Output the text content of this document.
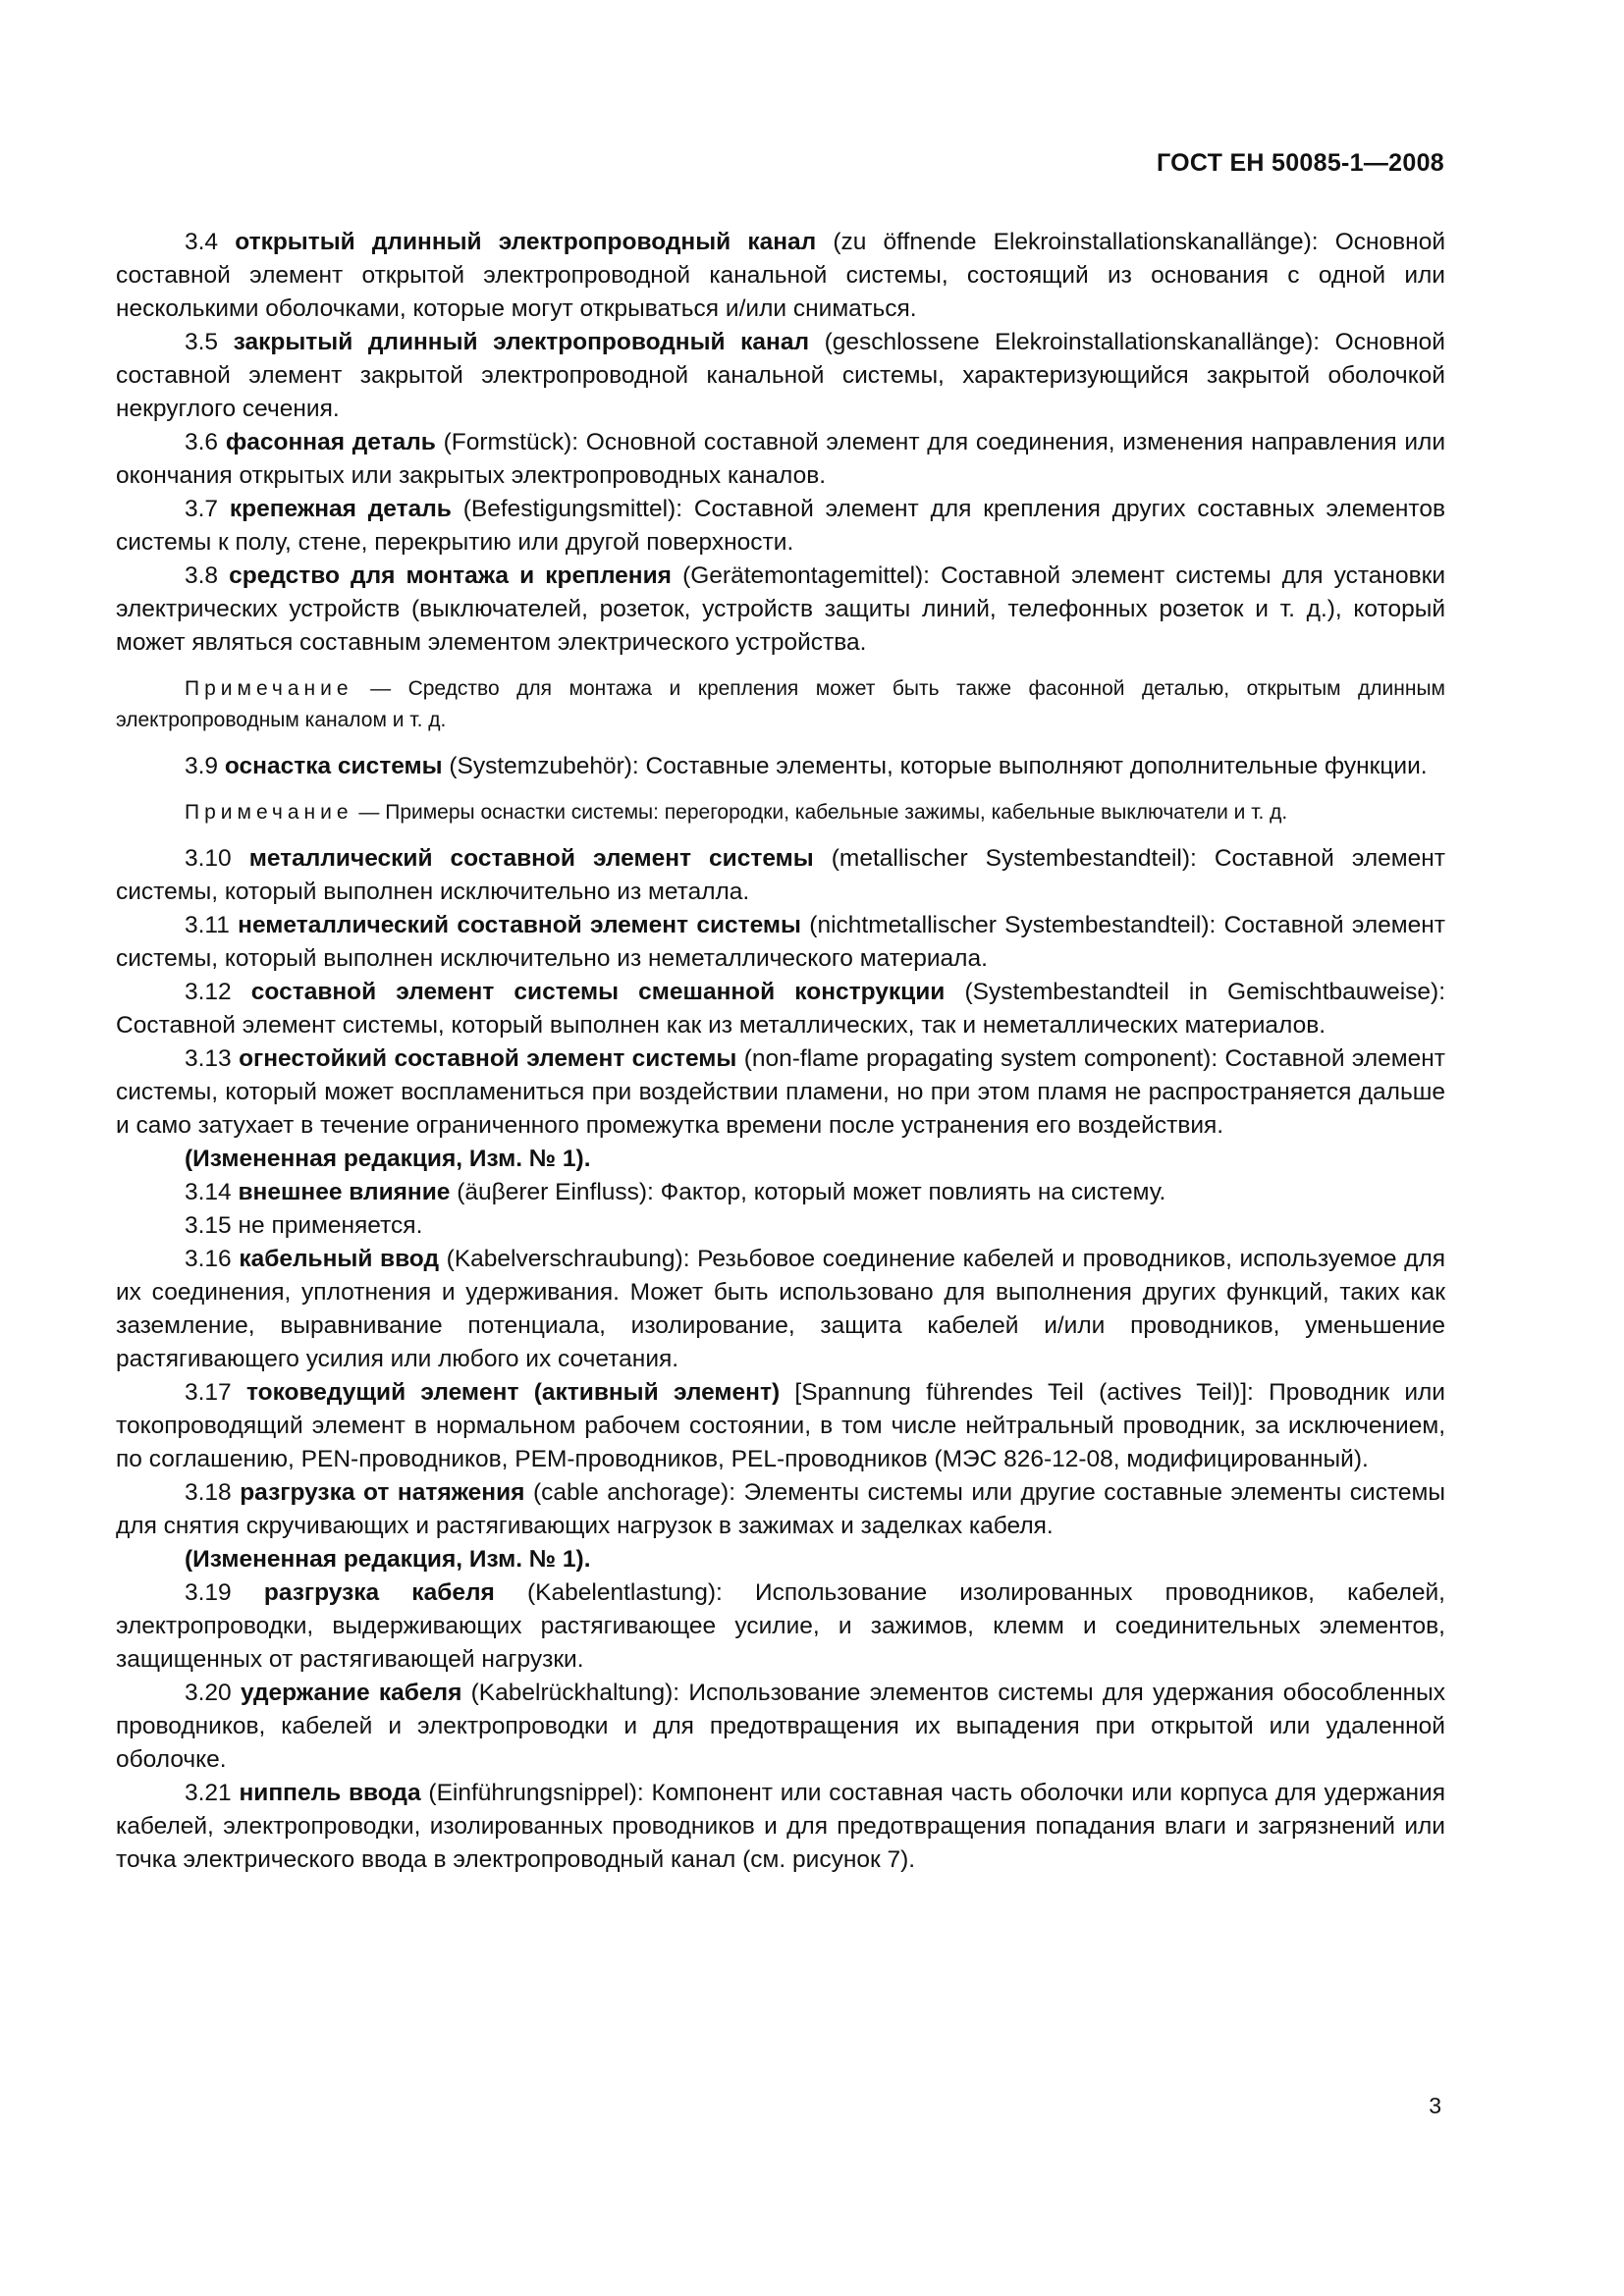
ГОСТ ЕН 50085-1—2008

3.4 открытый длинный электропроводный канал (zu öffnende Elekroinstallationskanallänge): Основной составной элемент открытой электропроводной канальной системы, состоящий из основания с одной или несколькими оболочками, которые могут открываться и/или сниматься.

3.5 закрытый длинный электропроводный канал (geschlossene Elekroinstallationskanallänge): Основной составной элемент закрытой электропроводной канальной системы, характеризующийся закрытой оболочкой некруглого сечения.

3.6 фасонная деталь (Formstück): Основной составной элемент для соединения, изменения направления или окончания открытых или закрытых электропроводных каналов.

3.7 крепежная деталь (Befestigungsmittel): Составной элемент для крепления других составных элементов системы к полу, стене, перекрытию или другой поверхности.

3.8 средство для монтажа и крепления (Gerätemontagemittel): Составной элемент системы для установки электрических устройств (выключателей, розеток, устройств защиты линий, телефонных розеток и т. д.), который может являться составным элементом электрического устройства.

Примечание — Средство для монтажа и крепления может быть также фасонной деталью, открытым длинным электропроводным каналом и т. д.

3.9 оснастка системы (Systemzubehör): Составные элементы, которые выполняют дополнительные функции.

Примечание — Примеры оснастки системы: перегородки, кабельные зажимы, кабельные выключатели и т. д.

3.10 металлический составной элемент системы (metallischer Systembestandteil): Составной элемент системы, который выполнен исключительно из металла.

3.11 неметаллический составной элемент системы (nichtmetallischer Systembestandteil): Составной элемент системы, который выполнен исключительно из неметаллического материала.

3.12 составной элемент системы смешанной конструкции (Systembestandteil in Gemischtbauweise): Составной элемент системы, который выполнен как из металлических, так и неметаллических материалов.

3.13 огнестойкий составной элемент системы (non-flame propagating system component): Составной элемент системы, который может воспламениться при воздействии пламени, но при этом пламя не распространяется дальше и само затухает в течение ограниченного промежутка времени после устранения его воздействия.

(Измененная редакция, Изм. № 1).

3.14 внешнее влияние (äuβerer Einfluss): Фактор, который может повлиять на систему.

3.15 не применяется.

3.16 кабельный ввод (Kabelverschraubung): Резьбовое соединение кабелей и проводников, используемое для их соединения, уплотнения и удерживания. Может быть использовано для выполнения других функций, таких как заземление, выравнивание потенциала, изолирование, защита кабелей и/или проводников, уменьшение растягивающего усилия или любого их сочетания.

3.17 токоведущий элемент (активный элемент) [Spannung führendes Teil (actives Teil)]: Проводник или токопроводящий элемент в нормальном рабочем состоянии, в том числе нейтральный проводник, за исключением, по соглашению, PEN-проводников, PEM-проводников, PEL-проводников (МЭС 826-12-08, модифицированный).

3.18 разгрузка от натяжения (cable anchorage): Элементы системы или другие составные элементы системы для снятия скручивающих и растягивающих нагрузок в зажимах и заделках кабеля.

(Измененная редакция, Изм. № 1).

3.19 разгрузка кабеля (Kabelentlastung): Использование изолированных проводников, кабелей, электропроводки, выдерживающих растягивающее усилие, и зажимов, клемм и соединительных элементов, защищенных от растягивающей нагрузки.

3.20 удержание кабеля (Kabelrückhaltung): Использование элементов системы для удержания обособленных проводников, кабелей и электропроводки и для предотвращения их выпадения при открытой или удаленной оболочке.

3.21 ниппель ввода (Einführungsnippel): Компонент или составная часть оболочки или корпуса для удержания кабелей, электропроводки, изолированных проводников и для предотвращения попадания влаги и загрязнений или точка электрического ввода в электропроводный канал (см. рисунок 7).

3
